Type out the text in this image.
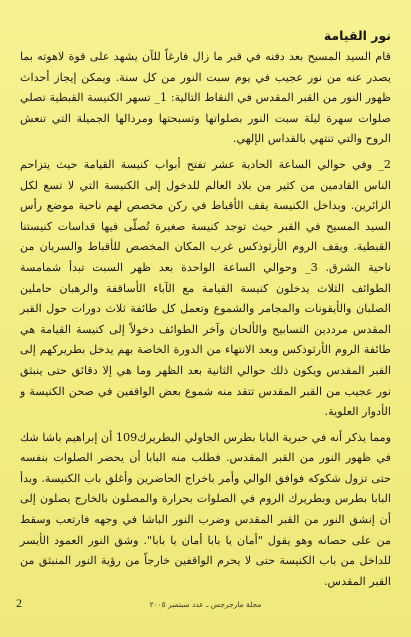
نور القيامة

قام السيد المسيح بعد دفنه في قبر ما زال فارغاً للآن يشهد على قوة لاهوته بما يصدر عنه من نور عجيب في يوم سبت النور من كل سنة. ويمكن إيجاز أحداث ظهور النور من القبر المقدس في النقاط التالية: 1_ تسهر الكنيسة القبطية تصلي صلوات سهرة ليلة سبت النور بصلواتها وتسبحتها ومردالها الجميلة التي تنعش الروح والتي تنتهي بالقداس الإلهي.

2_ وفي حوالي الساعة الحادية عشر تفتح أبواب كنيسة القيامة حيث يتزاحم الناس القادمين من كثير من بلاد العالم للدخول إلى الكنيسة التي لا تسع لكل الزائرين. وبداخل الكنيسة يقف الأقباط في ركن مخصص لهم ناحية موضع رأس السيد المسيح في القبر حيث توجد كنيسة صغيرة تُصلّى فيها قداسات كنيستنا القبطية. ويقف الروم الأرثوذكس غرب المكان المخصص للأقباط والسريان من ناحية الشرق. 3_ وحوالي الساعة الواحدة بعد ظهر السبت تبدأ شمامسة الطوائف الثلاث يدخلون كنيسة القيامة مع الآباء الأساقفة والرهبان حاملين الصلبان والأيقونات والمجامر والشموع وتعمل كل طائفة ثلاث دورات حول القبر المقدس مرددين التسابيح والألحان وآخر الطوائف دخولاً إلى كنيسة القيامة هي طائفة الروم الأرثوذكس وبعد الانتهاء من الدورة الخاصة بهم يدخل بطريركهم إلى القبر المقدس ويكون ذلك حوالي الثانية بعد الظهر وما هي إلا دقائق حتى ينبثق نور عجيب من القبر المقدس تتقد منه شموع بعض الواقفين في صحن الكنيسة و الأدوار العلوية.

ومما يذكر أنه في حبرية البابا بطرس الجاولي البطريرك109 أن إبراهيم باشا شك في ظهور النور من القبر المقدس. فطلب منه البابا أن يحضر الصلوات بنفسه حتى تزول شكوكه فوافق الوالي وأمر باخراج الحاضرين وأغلق باب الكنيسة. وبدأ البابا بطرس وبطريرك الروم في الصلوات بحرارة والمصلون بالخارج يصلون إلى أن إنشق النور من القبر المقدس وضرب النور الباشا في وجهه فارتعب وسقط من على حصانه وهو يقول "أمان يا بابا أمان يا بابا". وشق النور العمود الأيسر للداخل من باب الكنيسة حتى لا يحرم الواقفين خارجاً من رؤية النور المنبثق من القبر المقدس.

مجلة مارجرجس ـ عدد سبتمبر ٢٠٠٥
2
